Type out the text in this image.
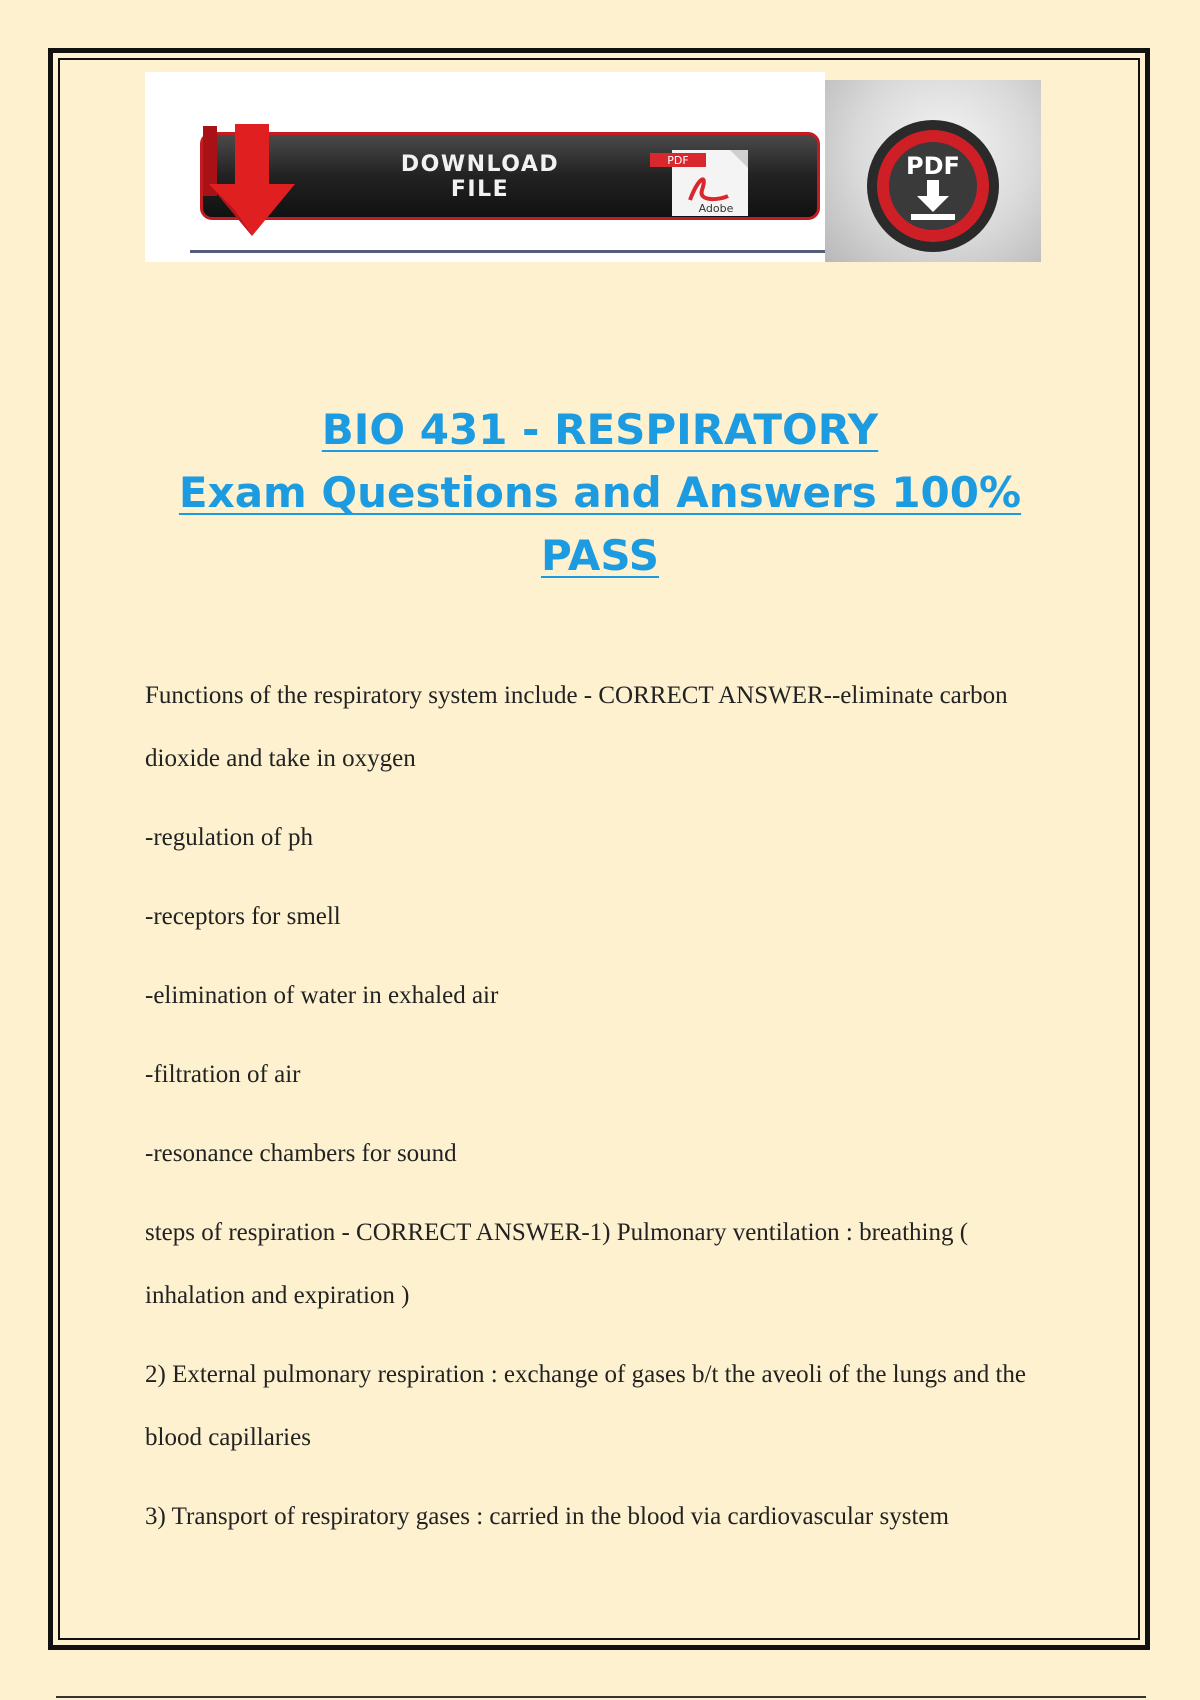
DOWNLOAD
FILE
PDF
Adobe
PDF
BIO 431 - RESPIRATORY
Exam Questions and Answers 100%
PASS

Functions of the respiratory system include - CORRECT ANSWER--eliminate carbon dioxide and take in oxygen

-regulation of ph

-receptors for smell

-elimination of water in exhaled air

-filtration of air

-resonance chambers for sound

steps of respiration - CORRECT ANSWER-1) Pulmonary ventilation : breathing ( inhalation and expiration )

2) External pulmonary respiration : exchange of gases b/t the aveoli of the lungs and the blood capillaries

3) Transport of respiratory gases : carried in the blood via cardiovascular system
